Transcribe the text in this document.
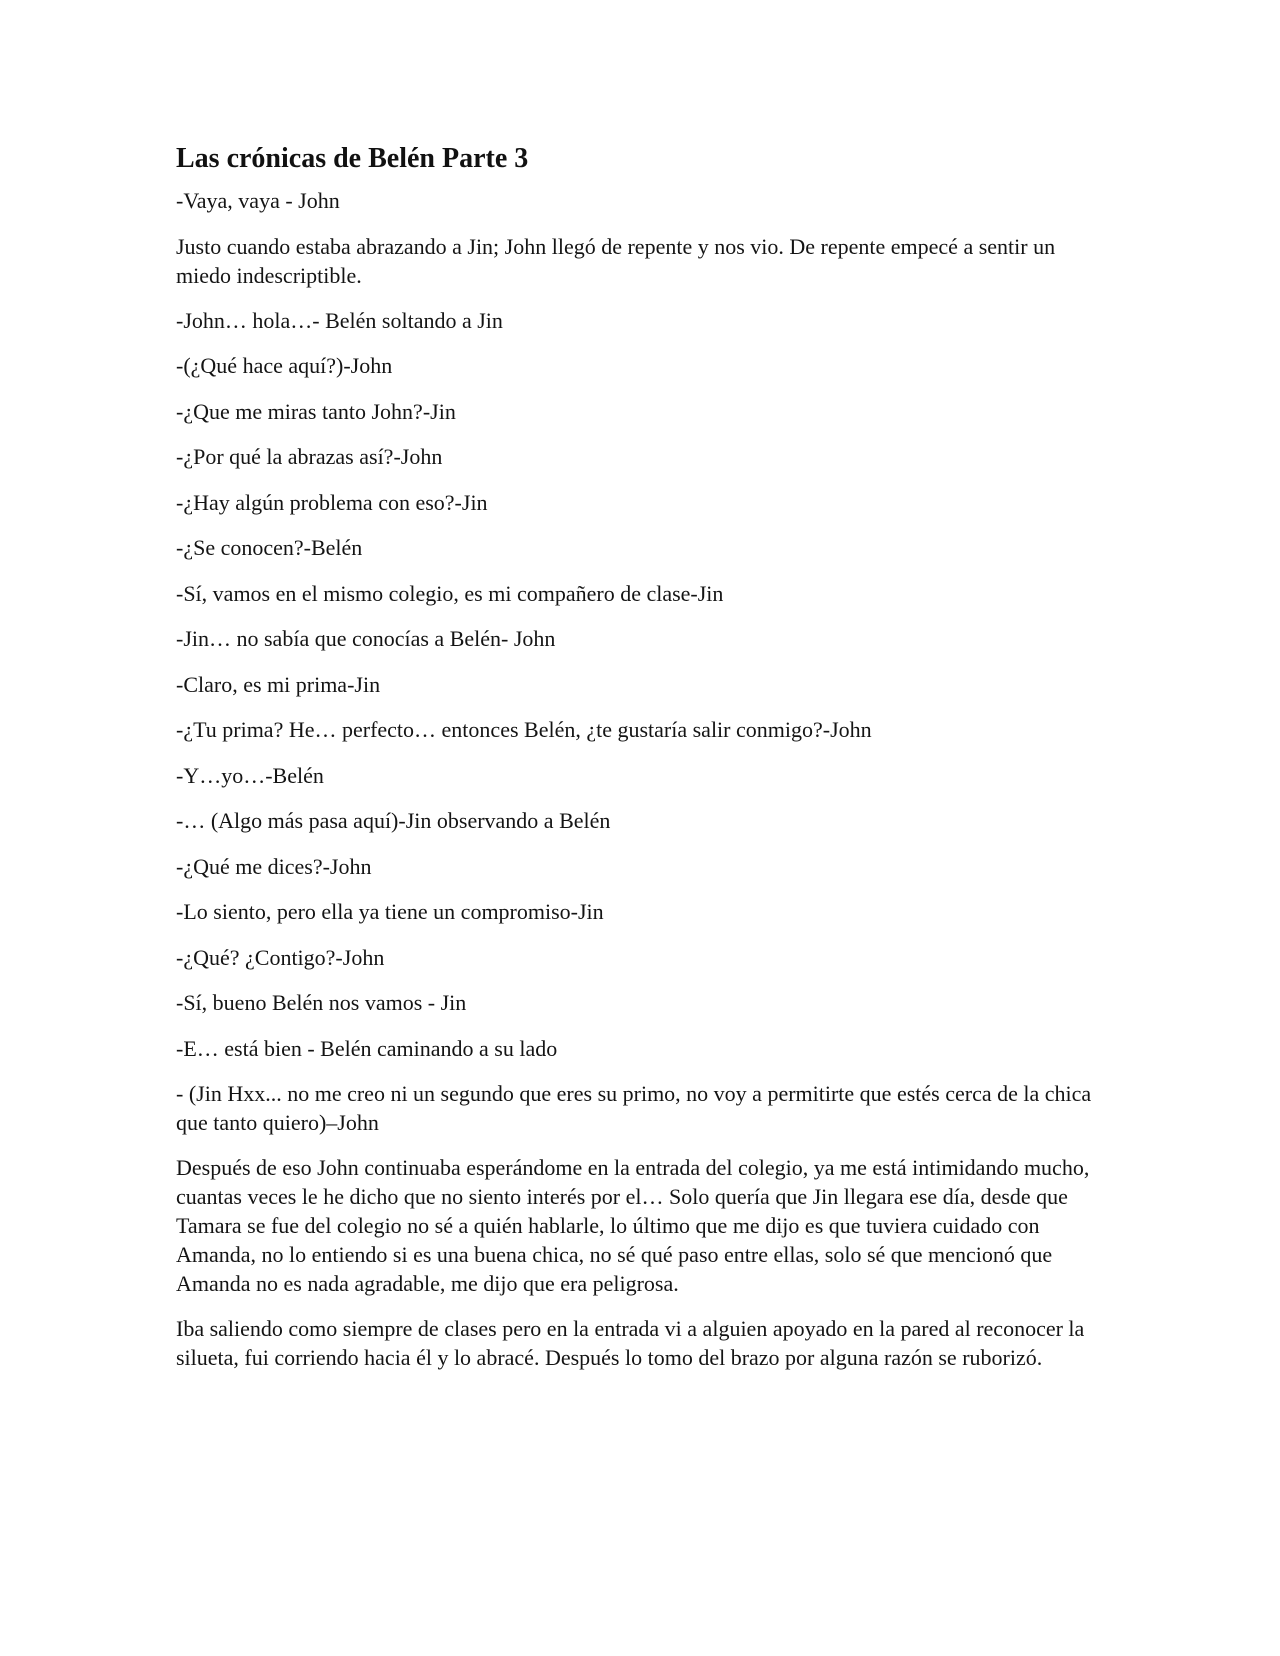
Las crónicas de Belén Parte 3

-Vaya, vaya - John

Justo cuando estaba abrazando a Jin; John llegó de repente y nos vio. De repente empecé a sentir un miedo indescriptible.

-John… hola…- Belén soltando a Jin

-(¿Qué hace aquí?)-John

-¿Que me miras tanto John?-Jin

-¿Por qué la abrazas así?-John

-¿Hay algún problema con eso?-Jin

-¿Se conocen?-Belén

-Sí, vamos en el mismo colegio, es mi compañero de clase-Jin

-Jin… no sabía que conocías a Belén- John

-Claro, es mi prima-Jin

-¿Tu prima? He… perfecto… entonces Belén, ¿te gustaría salir conmigo?-John

-Y…yo…-Belén

-… (Algo más pasa aquí)-Jin observando a Belén

-¿Qué me dices?-John

-Lo siento, pero ella ya tiene un compromiso-Jin

-¿Qué? ¿Contigo?-John

-Sí, bueno Belén nos vamos - Jin

-E… está bien - Belén caminando a su lado

- (Jin Hxx... no me creo ni un segundo que eres su primo, no voy a permitirte que estés cerca de la chica que tanto quiero)–John

Después de eso John continuaba esperándome en la entrada del colegio, ya me está intimidando mucho, cuantas veces le he dicho que no siento interés por el… Solo quería que Jin llegara ese día, desde que Tamara se fue del colegio no sé a quién hablarle, lo último que me dijo es que tuviera cuidado con Amanda, no lo entiendo si es una buena chica, no sé qué paso entre ellas, solo sé que mencionó que Amanda no es nada agradable, me dijo que era peligrosa.

Iba saliendo como siempre de clases pero en la entrada vi a alguien apoyado en la pared al reconocer la silueta, fui corriendo hacia él y lo abracé. Después lo tomo del brazo por alguna razón se ruborizó.
